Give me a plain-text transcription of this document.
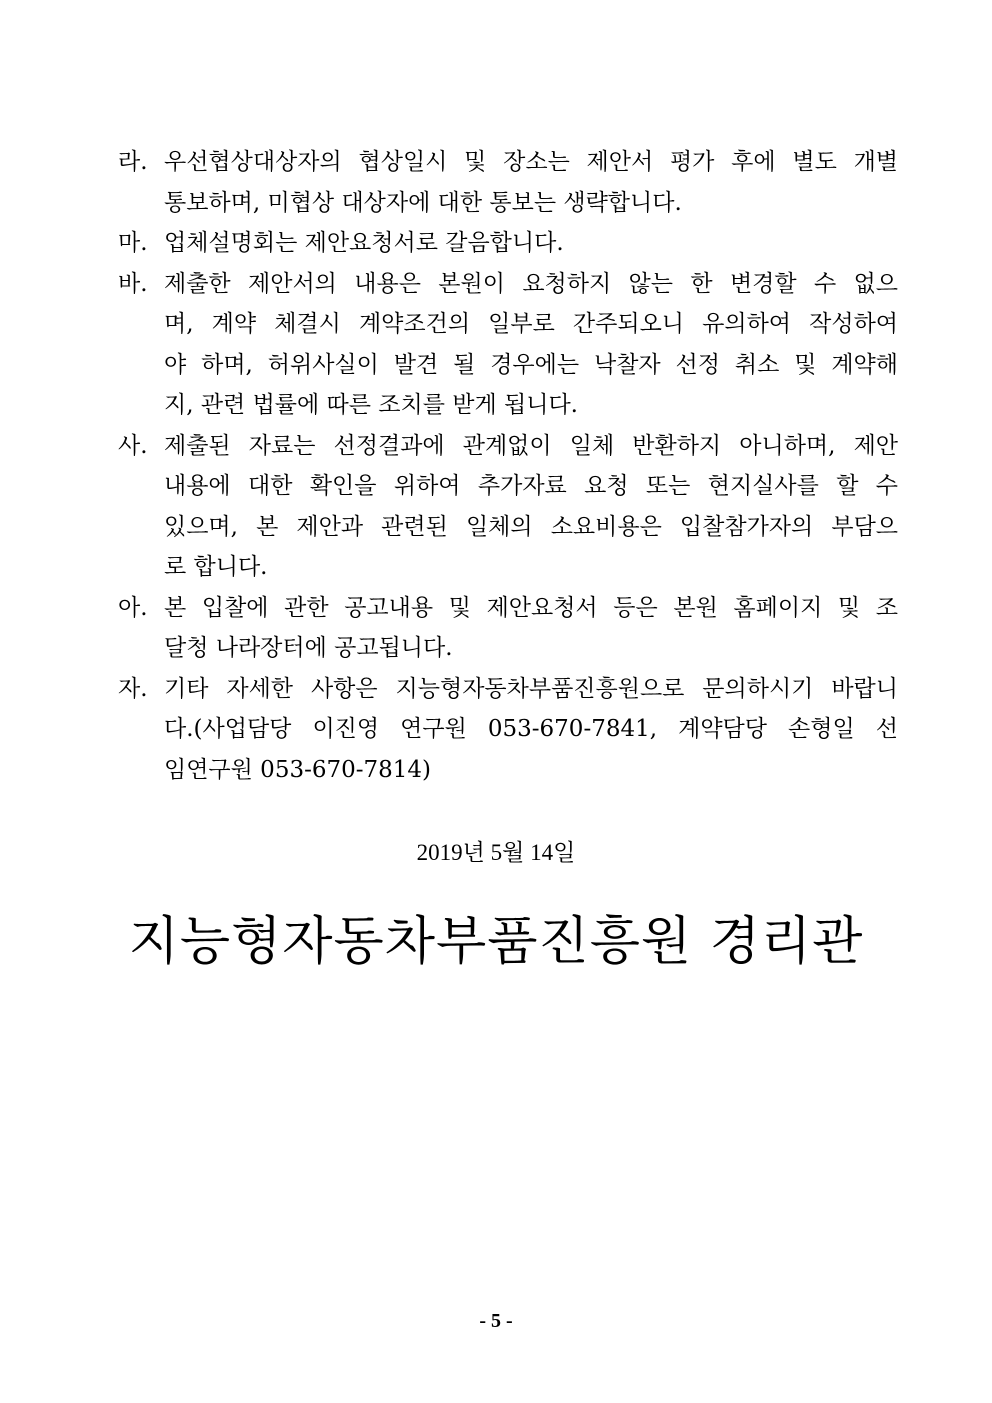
라. 우선협상대상자의 협상일시 및 장소는 제안서 평가 후에 별도 개별
통보하며, 미협상 대상자에 대한 통보는 생략합니다.
마. 업체설명회는 제안요청서로 갈음합니다.
바. 제출한 제안서의 내용은 본원이 요청하지 않는 한 변경할 수 없으
며, 계약 체결시 계약조건의 일부로 간주되오니 유의하여 작성하여
야 하며, 허위사실이 발견 될 경우에는 낙찰자 선정 취소 및 계약해
지, 관련 법률에 따른 조치를 받게 됩니다.
사. 제출된 자료는 선정결과에 관계없이 일체 반환하지 아니하며, 제안
내용에 대한 확인을 위하여 추가자료 요청 또는 현지실사를 할 수
있으며, 본 제안과 관련된 일체의 소요비용은 입찰참가자의 부담으
로 합니다.
아. 본 입찰에 관한 공고내용 및 제안요청서 등은 본원 홈페이지 및 조
달청 나라장터에 공고됩니다.
자. 기타 자세한 사항은 지능형자동차부품진흥원으로 문의하시기 바랍니
다.(사업담당 이진영 연구원 053-670-7841, 계약담당 손형일 선
임연구원 053-670-7814)
2019년 5월 14일
지능형자동차부품진흥원 경리관
- 5 -
